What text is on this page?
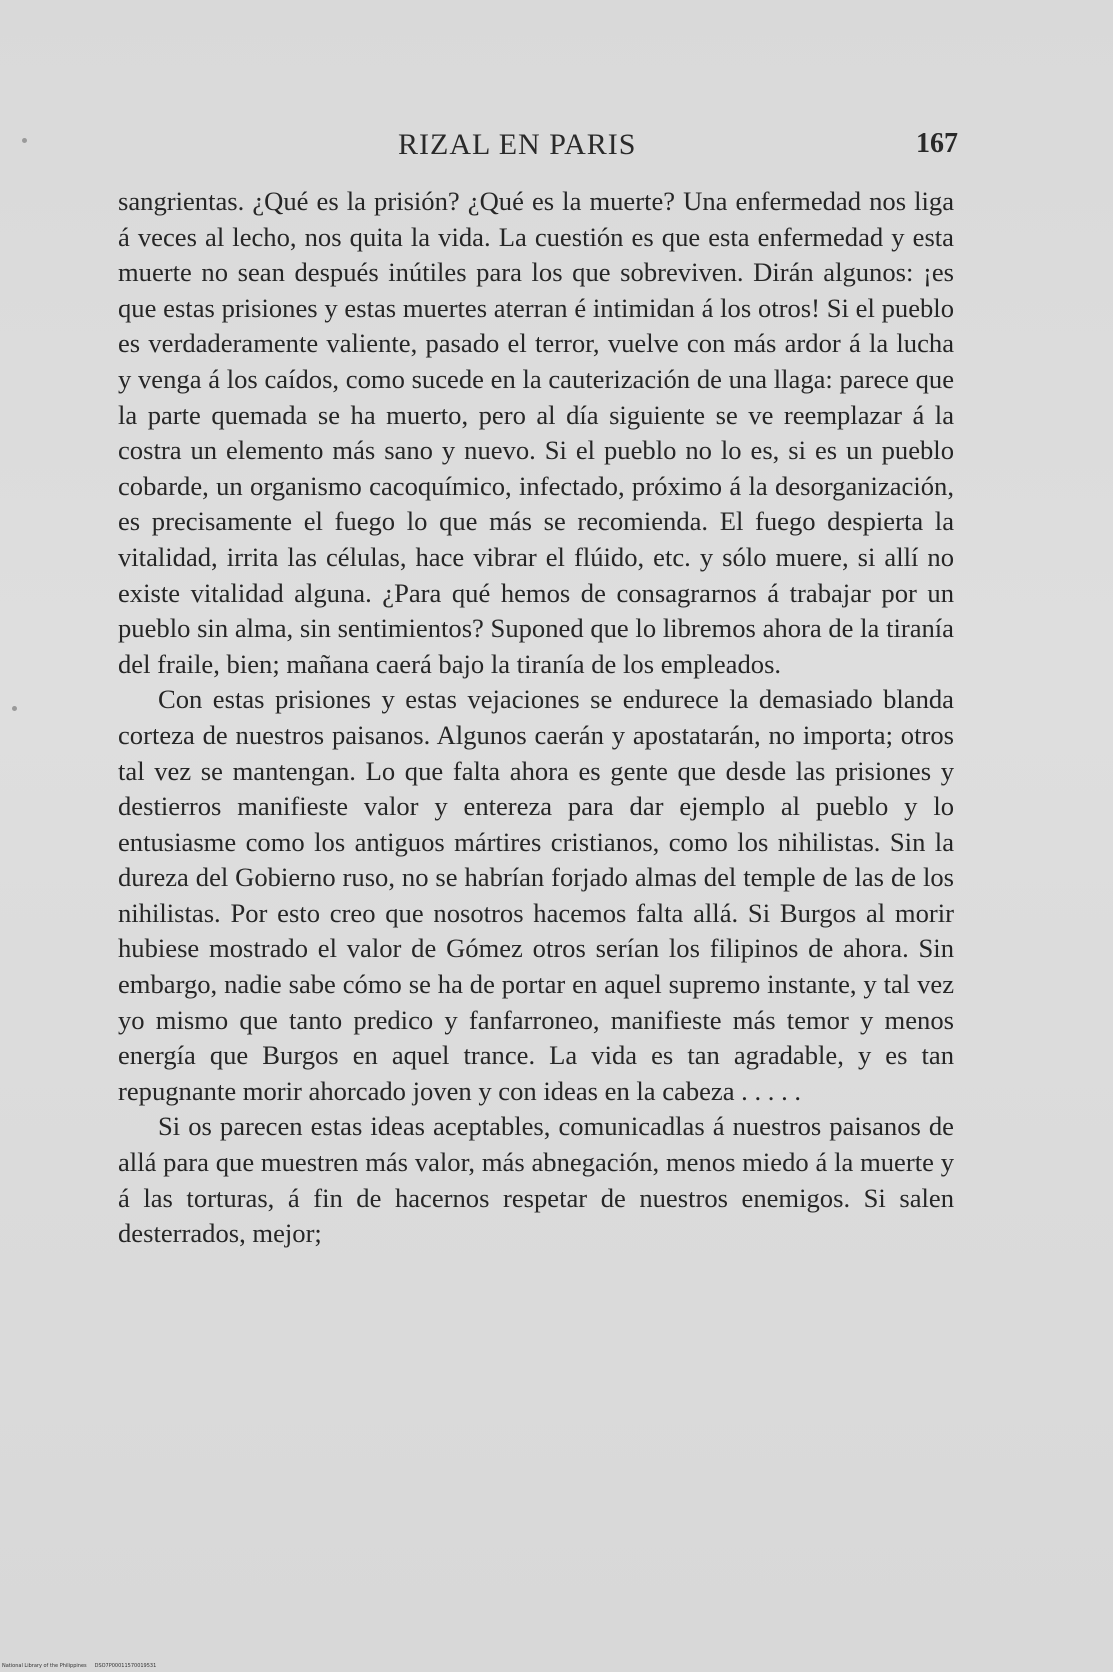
RIZAL EN PARIS	167

sangrientas. ¿Qué es la prisión? ¿Qué es la muerte? Una enfermedad nos liga á veces al lecho, nos quita la vida. La cuestión es que esta enfermedad y esta muerte no sean después inútiles para los que sobreviven. Dirán algunos: ¡es que estas prisiones y estas muertes aterran é intimidan á los otros! Si el pueblo es verdaderamente valiente, pasado el terror, vuelve con más ardor á la lucha y venga á los caídos, como sucede en la cauterización de una llaga: parece que la parte quemada se ha muerto, pero al día siguiente se ve reemplazar á la costra un elemento más sano y nuevo. Si el pueblo no lo es, si es un pueblo cobarde, un organismo cacoquímico, infectado, próximo á la desorganización, es precisamente el fuego lo que más se recomienda. El fuego despierta la vitalidad, irrita las células, hace vibrar el flúido, etc. y sólo muere, si allí no existe vitalidad alguna. ¿Para qué hemos de consagrarnos á trabajar por un pueblo sin alma, sin sentimientos? Suponed que lo libremos ahora de la tiranía del fraile, bien; mañana caerá bajo la tiranía de los empleados.

Con estas prisiones y estas vejaciones se endurece la demasiado blanda corteza de nuestros paisanos. Algunos caerán y apostatarán, no importa; otros tal vez se mantengan. Lo que falta ahora es gente que desde las prisiones y destierros manifieste valor y entereza para dar ejemplo al pueblo y lo entusiasme como los antiguos mártires cristianos, como los nihilistas. Sin la dureza del Gobierno ruso, no se habrían forjado almas del temple de las de los nihilistas. Por esto creo que nosotros hacemos falta allá. Si Burgos al morir hubiese mostrado el valor de Gómez otros serían los filipinos de ahora. Sin embargo, nadie sabe cómo se ha de portar en aquel supremo instante, y tal vez yo mismo que tanto predico y fanfarroneo, manifieste más temor y menos energía que Burgos en aquel trance. La vida es tan agradable, y es tan repugnante morir ahorcado joven y con ideas en la cabeza . . . . .

Si os parecen estas ideas aceptables, comunicadlas á nuestros paisanos de allá para que muestren más valor, más abnegación, menos miedo á la muerte y á las torturas, á fin de hacernos respetar de nuestros enemigos. Si salen desterrados, mejor;

National Library of the Philippines DSO7P00011570019531
